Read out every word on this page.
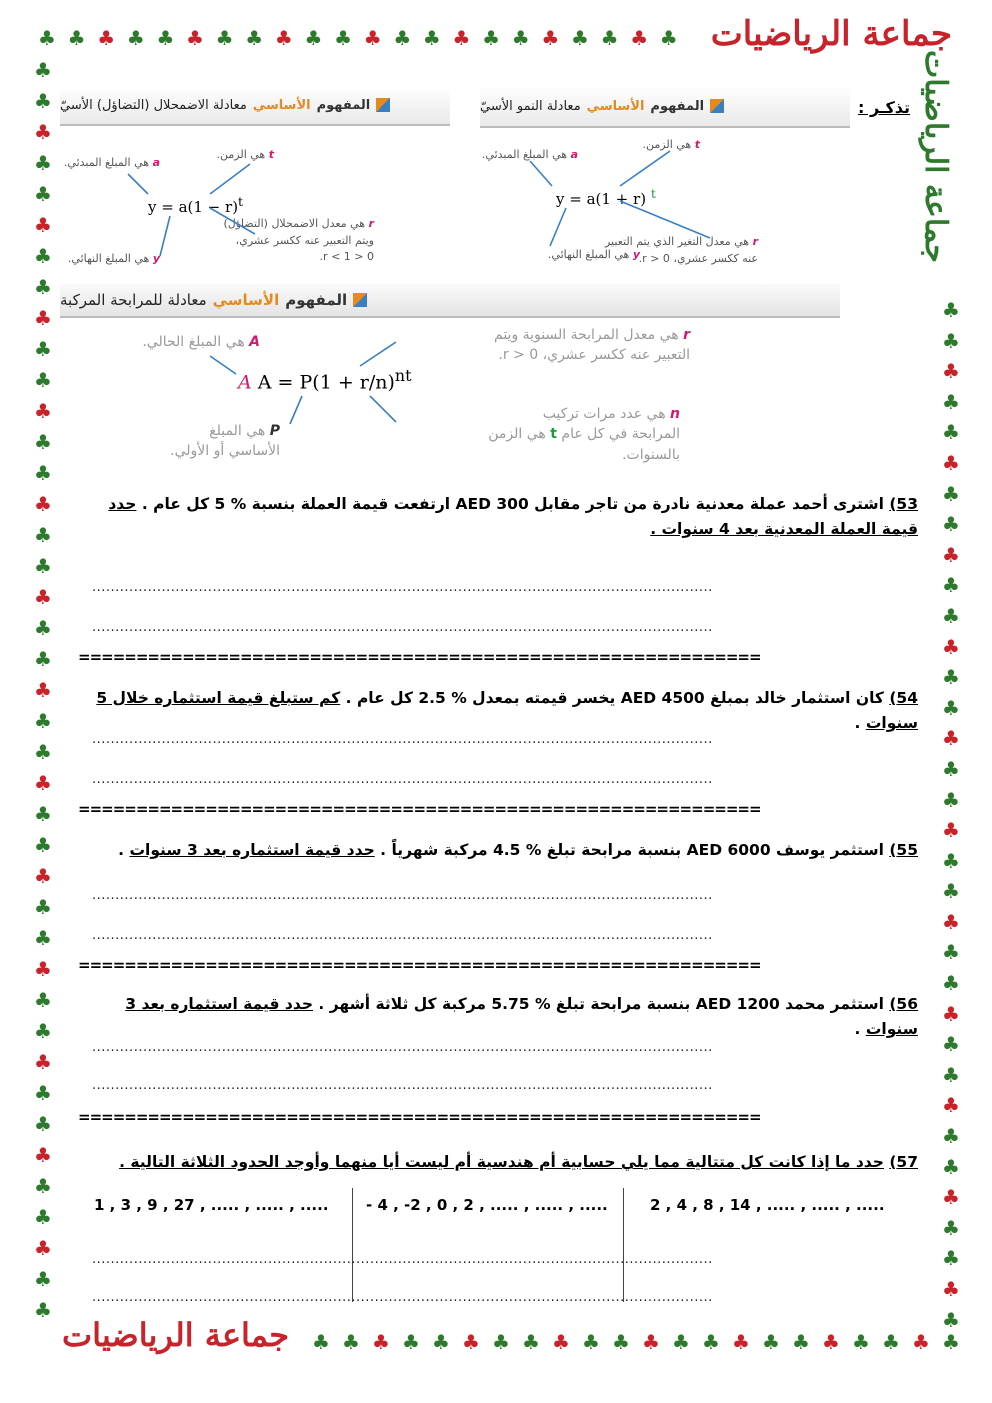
♣ ♣ ♣ ♣ ♣ ♣ ♣ ♣ ♣ ♣ ♣ ♣ ♣ ♣ ♣ ♣ ♣ ♣ ♣ ♣ ♣ ♣ جماعة الرياضيات
♣ ♣ ♣ ♣ ♣ ♣ ♣ ♣ ♣ ♣ ♣ ♣ ♣ ♣ ♣ ♣ ♣ ♣ ♣ ♣ ♣ ♣
جماعة الرياضيات
♣
♣
♣
♣
♣
♣
♣
♣
♣
♣
♣
♣
♣
♣
♣
♣
♣
♣
♣
♣
♣
♣
♣
♣
♣
♣
♣
♣
♣
♣
♣
♣
♣
♣
♣
♣
♣
♣
♣
♣
♣
♣
♣
♣
♣
♣
♣
♣
♣
♣
♣
♣
♣
♣
♣
♣
♣
♣
♣
♣
♣
♣
♣
♣
♣
♣
♣
♣
♣
♣
♣
♣
♣
♣
♣
جماعة الرياضيات
تذكـر :
المفهوم
الأساسي
معادلة النمو الأسيّ
t هي الزمن.
a هي المبلغ المبدئي.
y = a(1 + r) $^t$
r هي معدل التغير الذي يتم التعبير
عنه ككسر عشري، 0 < r.
y هي المبلغ النهائي.
المفهوم
الأساسي
معادلة الاضمحلال (التضاؤل) الأسيّ
t هي الزمن.
a هي المبلغ المبدئي.
$y = a(1 - r)^t$
r هي معدل الاضمحلال (التضاؤل)
ويتم التعبير عنه ككسر عشري،
0 < r < 1.
y هي المبلغ النهائي.
المفهوم
الأساسي
معادلة للمرابحة المركبة
A هي المبلغ الحالي.	r هي معدل المرابحة السنوية ويتم
التعبير عنه ككسر عشري، 0 < r.
A $A = P(1 + r/n)^{nt}$
n هي عدد مرات تركيب
المرابحة في كل عام t هي الزمن
بالسنوات.
P هي المبلغ
الأساسي أو الأولي.
53) اشترى أحمد عملة معدنية نادرة من تاجر مقابل AED 300 ارتفعت قيمة العملة بنسبة % 5 كل عام . حدد قيمة العملة المعدنية بعد 4 سنوات .
......................................................................................................................................
......................................................................................................................................
===========================================================
54) كان استثمار خالد بمبلغ AED 4500 يخسر قيمته بمعدل % 2.5 كل عام . كم ستبلغ قيمة استثماره خلال 5 سنوات .
......................................................................................................................................
......................................................................................................................................
===========================================================
55) استثمر يوسف AED 6000 بنسبة مرابحة تبلغ % 4.5 مركبة شهرياً . حدد قيمة استثماره بعد 3 سنوات .
......................................................................................................................................
......................................................................................................................................
===========================================================
56) استثمر محمد AED 1200 بنسبة مرابحة تبلغ % 5.75 مركبة كل ثلاثة أشهر . حدد قيمة استثماره بعد 3 سنوات .
......................................................................................................................................
......................................................................................................................................
===========================================================
57) حدد ما إذا كانت كل متتالية مما يلي حسابية أم هندسية أم ليست أيا منهما وأوجد الحدود الثلاثة التالية .
2 , 4 , 8 , 14 , ..... , ..... , .....
- 4 , -2 , 0 , 2 , ..... , ..... , .....
1 , 3 , 9 , 27 , ..... , ..... , .....
......................................................................................................................................
......................................................................................................................................
